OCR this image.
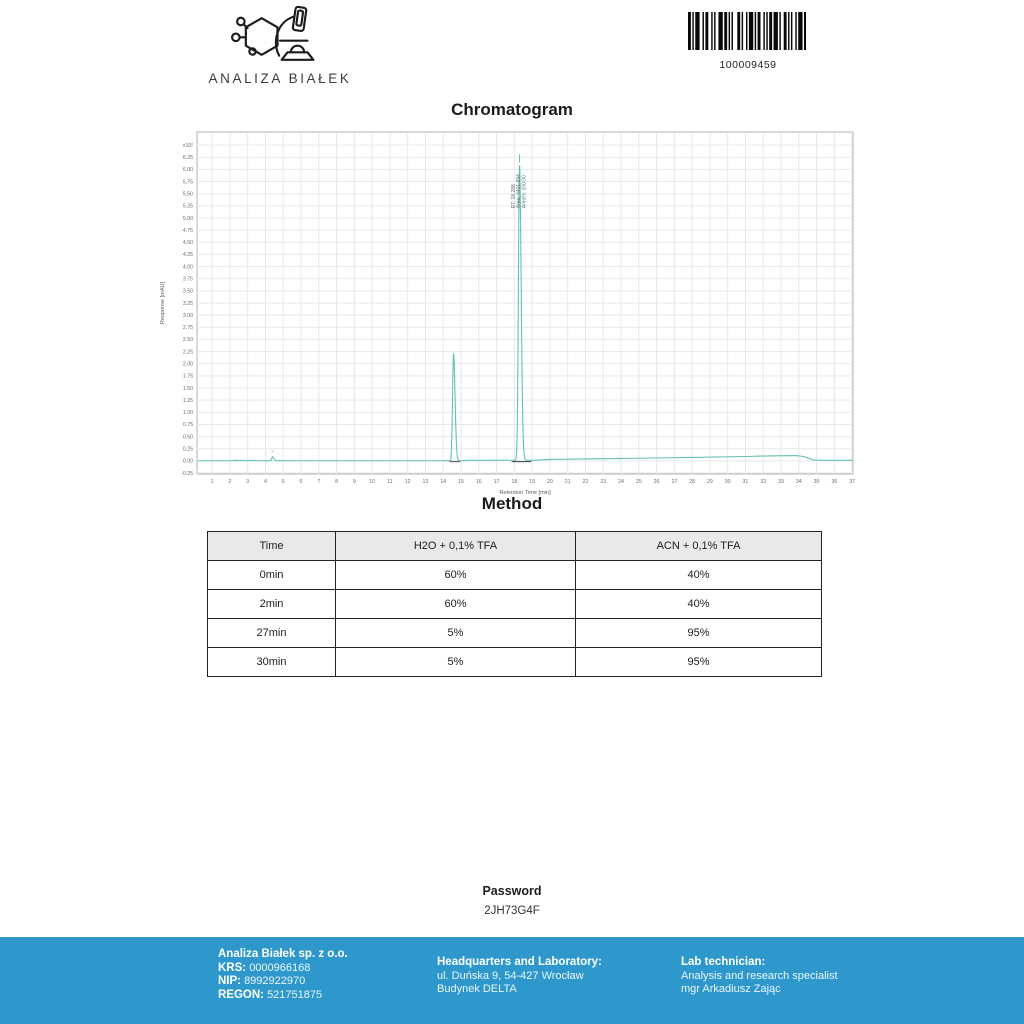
ANALIZA BIAŁEK
100009459
Chromatogram
-0.25
0.00
0.25
0.50
0.75
1.00
1.25
1.50
1.75
2.00
2.25
2.50
2.75
3.00
3.25
3.50
3.75
4.00
4.25
4.50
4.75
5.00
5.25
5.50
5.75
6.00
6.25
x10²
1	2	3	4	5	6	7	8	9	10 11 12 13 14 15 16 17 18 19 20 21 22 23 24 25 26 27 28 29 30 31 32 33 34 35 36 37
Retention Time [min]
Response [mAU]
x
RT: 18.288 Area: 4401.694 Area%: 100.00
Method
Time	H2O + 0,1% TFA	ACN + 0,1% TFA
0min	60%	40%
2min	60%	40%
27min	5%	95%
30min	5%	95%
Password
2JH73G4F
Analiza Białek sp. z o.o.
KRS: 0000966168
NIP: 8992922970
REGON: 521751875
Headquarters and Laboratory:
ul. Duńska 9, 54-427 Wrocław
Budynek DELTA
Lab technician:
Analysis and research specialist
mgr Arkadiusz Zając
